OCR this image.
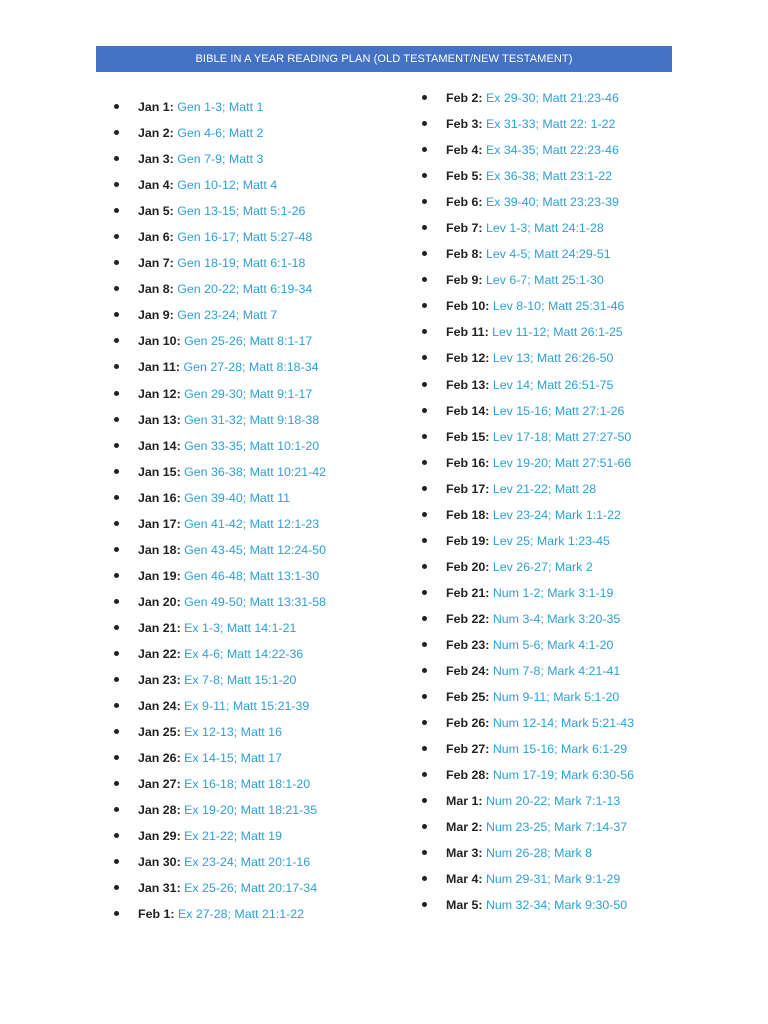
BIBLE IN A YEAR READING PLAN (OLD TESTAMENT/NEW TESTAMENT)
Jan 1: Gen 1-3; Matt 1
Jan 2: Gen 4-6; Matt 2
Jan 3: Gen 7-9; Matt 3
Jan 4: Gen 10-12; Matt 4
Jan 5: Gen 13-15; Matt 5:1-26
Jan 6: Gen 16-17; Matt 5:27-48
Jan 7: Gen 18-19; Matt 6:1-18
Jan 8: Gen 20-22; Matt 6:19-34
Jan 9: Gen 23-24; Matt 7
Jan 10: Gen 25-26; Matt 8:1-17
Jan 11: Gen 27-28; Matt 8:18-34
Jan 12: Gen 29-30; Matt 9:1-17
Jan 13: Gen 31-32; Matt 9:18-38
Jan 14: Gen 33-35; Matt 10:1-20
Jan 15: Gen 36-38; Matt 10:21-42
Jan 16: Gen 39-40; Matt 11
Jan 17: Gen 41-42; Matt 12:1-23
Jan 18: Gen 43-45; Matt 12:24-50
Jan 19: Gen 46-48; Matt 13:1-30
Jan 20: Gen 49-50; Matt 13:31-58
Jan 21: Ex 1-3; Matt 14:1-21
Jan 22: Ex 4-6; Matt 14:22-36
Jan 23: Ex 7-8; Matt 15:1-20
Jan 24: Ex 9-11; Matt 15:21-39
Jan 25: Ex 12-13; Matt 16
Jan 26: Ex 14-15; Matt 17
Jan 27: Ex 16-18; Matt 18:1-20
Jan 28: Ex 19-20; Matt 18:21-35
Jan 29: Ex 21-22; Matt 19
Jan 30: Ex 23-24; Matt 20:1-16
Jan 31: Ex 25-26; Matt 20:17-34
Feb 1: Ex 27-28; Matt 21:1-22
Feb 2: Ex 29-30; Matt 21:23-46
Feb 3: Ex 31-33; Matt 22: 1-22
Feb 4: Ex 34-35; Matt 22:23-46
Feb 5: Ex 36-38; Matt 23:1-22
Feb 6: Ex 39-40; Matt 23:23-39
Feb 7: Lev 1-3; Matt 24:1-28
Feb 8: Lev 4-5; Matt 24:29-51
Feb 9: Lev 6-7; Matt 25:1-30
Feb 10: Lev 8-10; Matt 25:31-46
Feb 11: Lev 11-12; Matt 26:1-25
Feb 12: Lev 13; Matt 26:26-50
Feb 13: Lev 14; Matt 26:51-75
Feb 14: Lev 15-16; Matt 27:1-26
Feb 15: Lev 17-18; Matt 27:27-50
Feb 16: Lev 19-20; Matt 27:51-66
Feb 17: Lev 21-22; Matt 28
Feb 18: Lev 23-24; Mark 1:1-22
Feb 19: Lev 25; Mark 1:23-45
Feb 20: Lev 26-27; Mark 2
Feb 21: Num 1-2; Mark 3:1-19
Feb 22: Num 3-4; Mark 3:20-35
Feb 23: Num 5-6; Mark 4:1-20
Feb 24: Num 7-8; Mark 4:21-41
Feb 25: Num 9-11; Mark 5:1-20
Feb 26: Num 12-14; Mark 5:21-43
Feb 27: Num 15-16; Mark 6:1-29
Feb 28: Num 17-19; Mark 6:30-56
Mar 1: Num 20-22; Mark 7:1-13
Mar 2: Num 23-25; Mark 7:14-37
Mar 3: Num 26-28; Mark 8
Mar 4: Num 29-31; Mark 9:1-29
Mar 5: Num 32-34; Mark 9:30-50
